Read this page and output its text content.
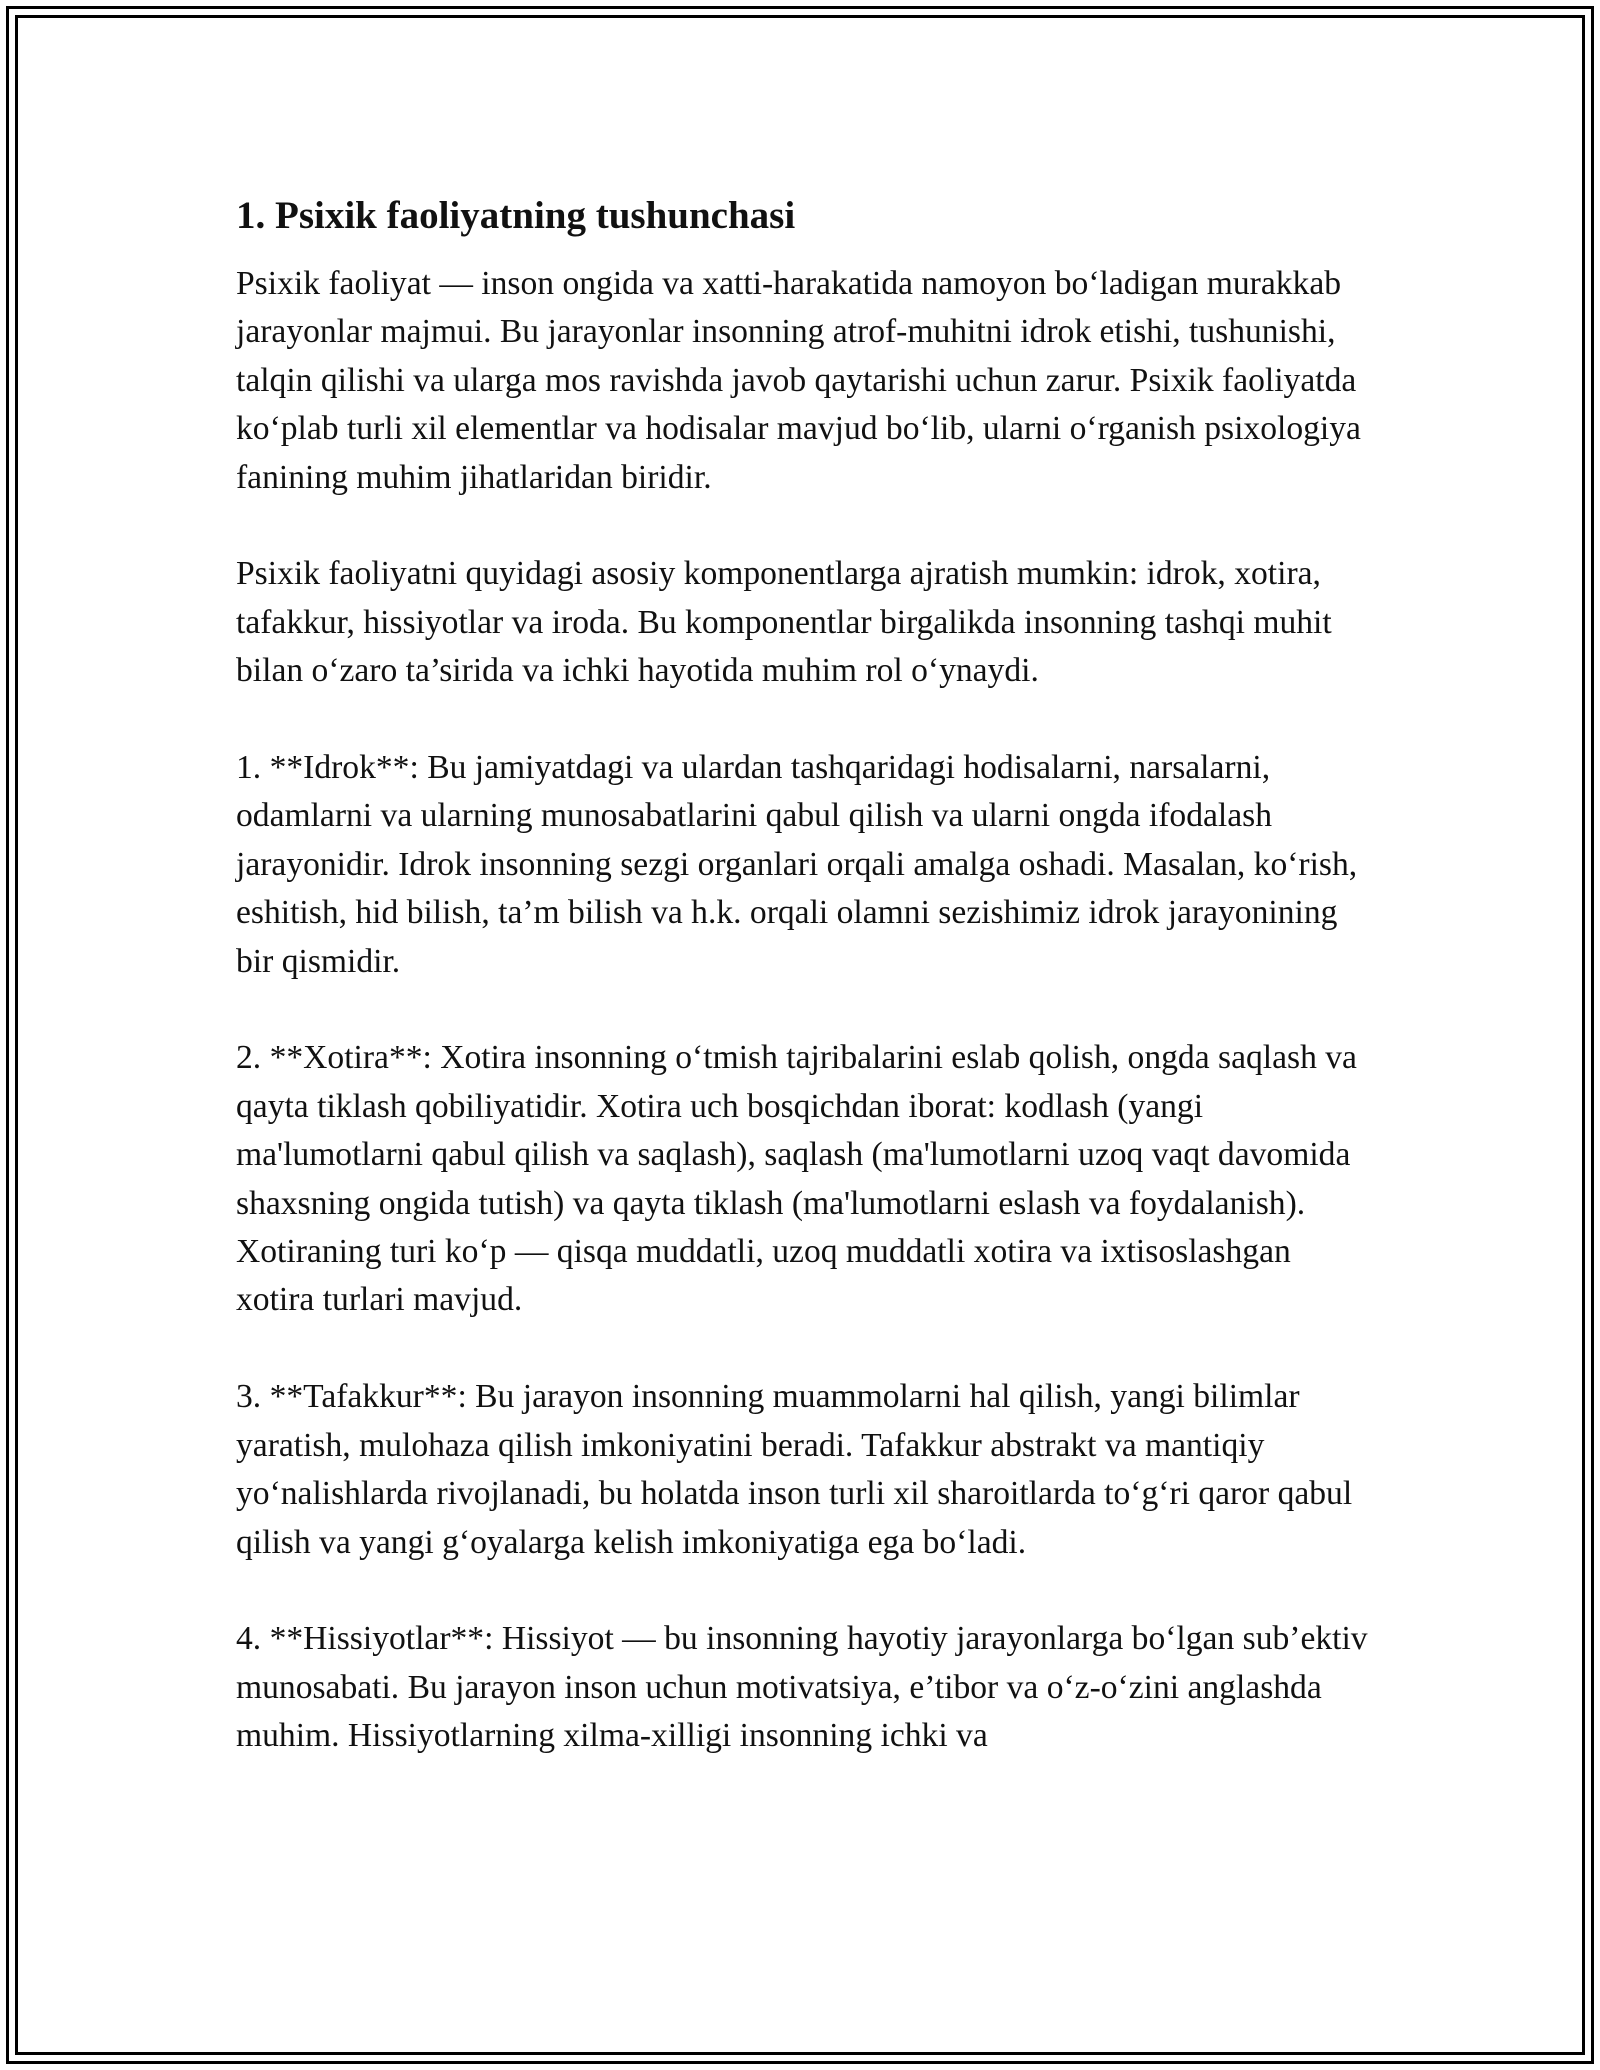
1. Psixik faoliyatning tushunchasi

Psixik faoliyat — inson ongida va xatti-harakatida namoyon bo‘ladigan murakkab jarayonlar majmui. Bu jarayonlar insonning atrof-muhitni idrok etishi, tushunishi, talqin qilishi va ularga mos ravishda javob qaytarishi uchun zarur. Psixik faoliyatda ko‘plab turli xil elementlar va hodisalar mavjud bo‘lib, ularni o‘rganish psixologiya fanining muhim jihatlaridan biridir.

Psixik faoliyatni quyidagi asosiy komponentlarga ajratish mumkin: idrok, xotira, tafakkur, hissiyotlar va iroda. Bu komponentlar birgalikda insonning tashqi muhit bilan o‘zaro ta’sirida va ichki hayotida muhim rol o‘ynaydi.

1. **Idrok**: Bu jamiyatdagi va ulardan tashqaridagi hodisalarni, narsalarni, odamlarni va ularning munosabatlarini qabul qilish va ularni ongda ifodalash jarayonidir. Idrok insonning sezgi organlari orqali amalga oshadi. Masalan, ko‘rish, eshitish, hid bilish, ta’m bilish va h.k. orqali olamni sezishimiz idrok jarayonining bir qismidir.

2. **Xotira**: Xotira insonning o‘tmish tajribalarini eslab qolish, ongda saqlash va qayta tiklash qobiliyatidir. Xotira uch bosqichdan iborat: kodlash (yangi ma'lumotlarni qabul qilish va saqlash), saqlash (ma'lumotlarni uzoq vaqt davomida shaxsning ongida tutish) va qayta tiklash (ma'lumotlarni eslash va foydalanish). Xotiraning turi ko‘p — qisqa muddatli, uzoq muddatli xotira va ixtisoslashgan xotira turlari mavjud.

3. **Tafakkur**: Bu jarayon insonning muammolarni hal qilish, yangi bilimlar yaratish, mulohaza qilish imkoniyatini beradi. Tafakkur abstrakt va mantiqiy yo‘nalishlarda rivojlanadi, bu holatda inson turli xil sharoitlarda to‘g‘ri qaror qabul qilish va yangi g‘oyalarga kelish imkoniyatiga ega bo‘ladi.

4. **Hissiyotlar**: Hissiyot — bu insonning hayotiy jarayonlarga bo‘lgan sub’ektiv munosabati. Bu jarayon inson uchun motivatsiya, e’tibor va o‘z-o‘zini anglashda muhim. Hissiyotlarning xilma-xilligi insonning ichki va
